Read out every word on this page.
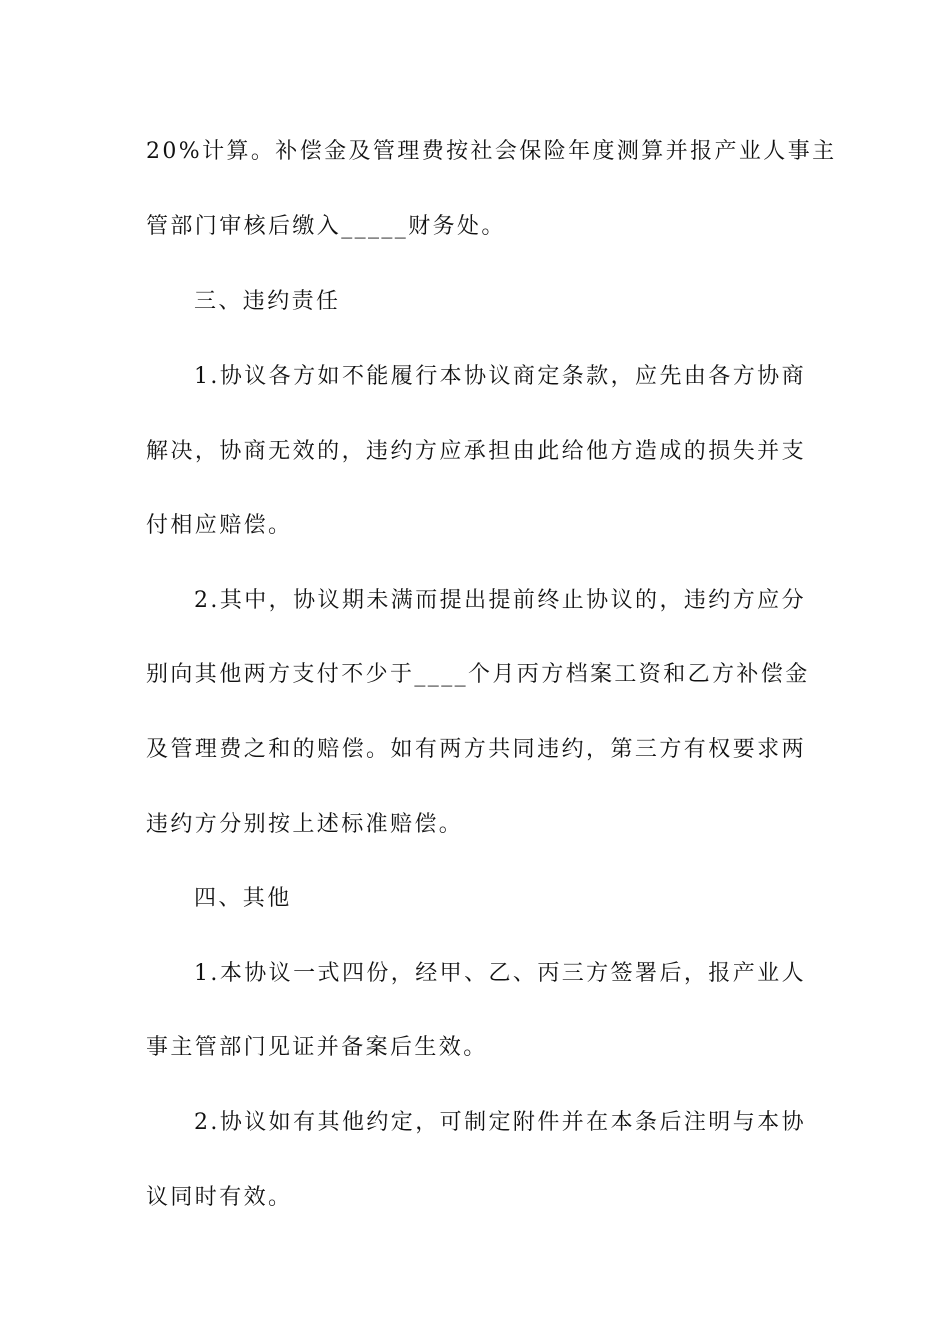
20%计算。补偿金及管理费按社会保险年度测算并报产业人事主
管部门审核后缴入_____财务处。
三、违约责任
1.协议各方如不能履行本协议商定条款，应先由各方协商
解决，协商无效的，违约方应承担由此给他方造成的损失并支
付相应赔偿。
2.其中，协议期未满而提出提前终止协议的，违约方应分
别向其他两方支付不少于____个月丙方档案工资和乙方补偿金
及管理费之和的赔偿。如有两方共同违约，第三方有权要求两
违约方分别按上述标准赔偿。
四、其他
1.本协议一式四份，经甲、乙、丙三方签署后，报产业人
事主管部门见证并备案后生效。
2.协议如有其他约定，可制定附件并在本条后注明与本协
议同时有效。
